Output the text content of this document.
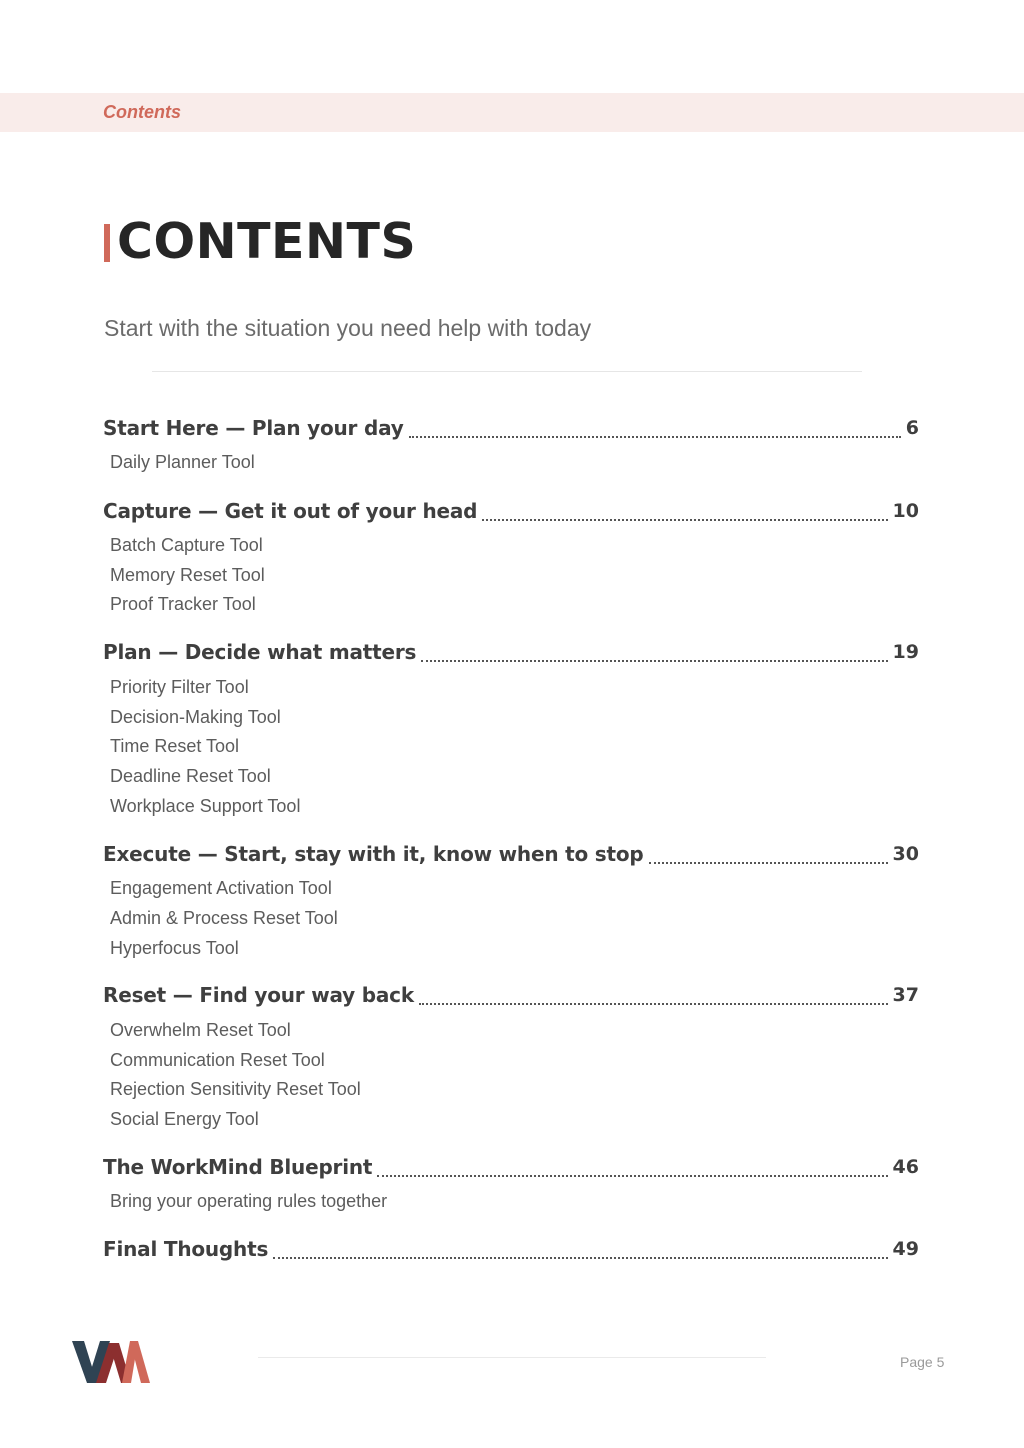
Contents
CONTENTS
Start with the situation you need help with today
Start Here — Plan your day	6
Daily Planner Tool
Capture — Get it out of your head	10
Batch Capture Tool
Memory Reset Tool
Proof Tracker Tool
Plan — Decide what matters	19
Priority Filter Tool
Decision-Making Tool
Time Reset Tool
Deadline Reset Tool
Workplace Support Tool
Execute — Start, stay with it, know when to stop	30
Engagement Activation Tool
Admin & Process Reset Tool
Hyperfocus Tool
Reset — Find your way back	37
Overwhelm Reset Tool
Communication Reset Tool
Rejection Sensitivity Reset Tool
Social Energy Tool
The WorkMind Blueprint	46
Bring your operating rules together
Final Thoughts	49
Page 5
